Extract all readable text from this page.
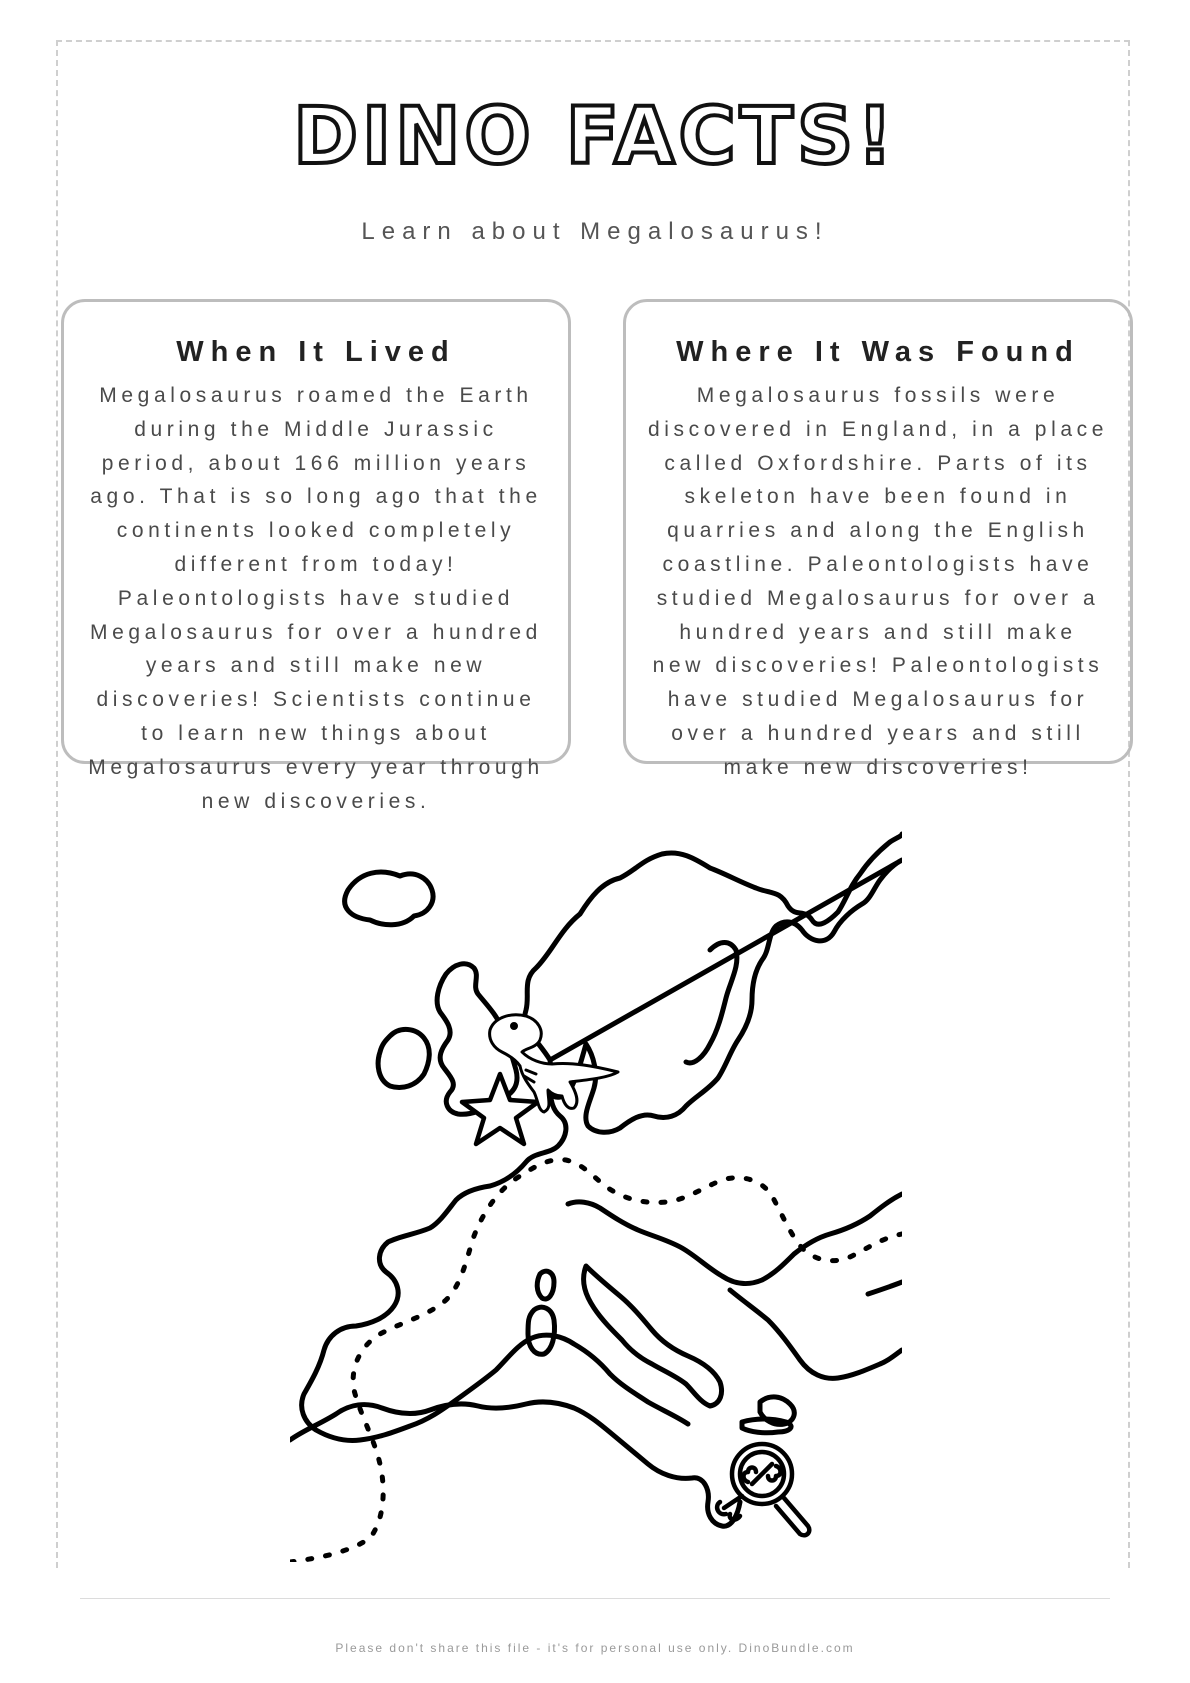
DINO FACTS!
Learn about Megalosaurus!
When It Lived

Megalosaurus roamed the Earth during the Middle Jurassic period, about 166 million years ago. That is so long ago that the continents looked completely different from today! Paleontologists have studied Megalosaurus for over a hundred years and still make new discoveries! Scientists continue to learn new things about Megalosaurus every year through new discoveries.

Where It Was Found

Megalosaurus fossils were discovered in England, in a place called Oxfordshire. Parts of its skeleton have been found in quarries and along the English coastline. Paleontologists have studied Megalosaurus for over a hundred years and still make new discoveries! Paleontologists have studied Megalosaurus for over a hundred years and still make new discoveries!

Please don't share this file - it's for personal use only. DinoBundle.com
